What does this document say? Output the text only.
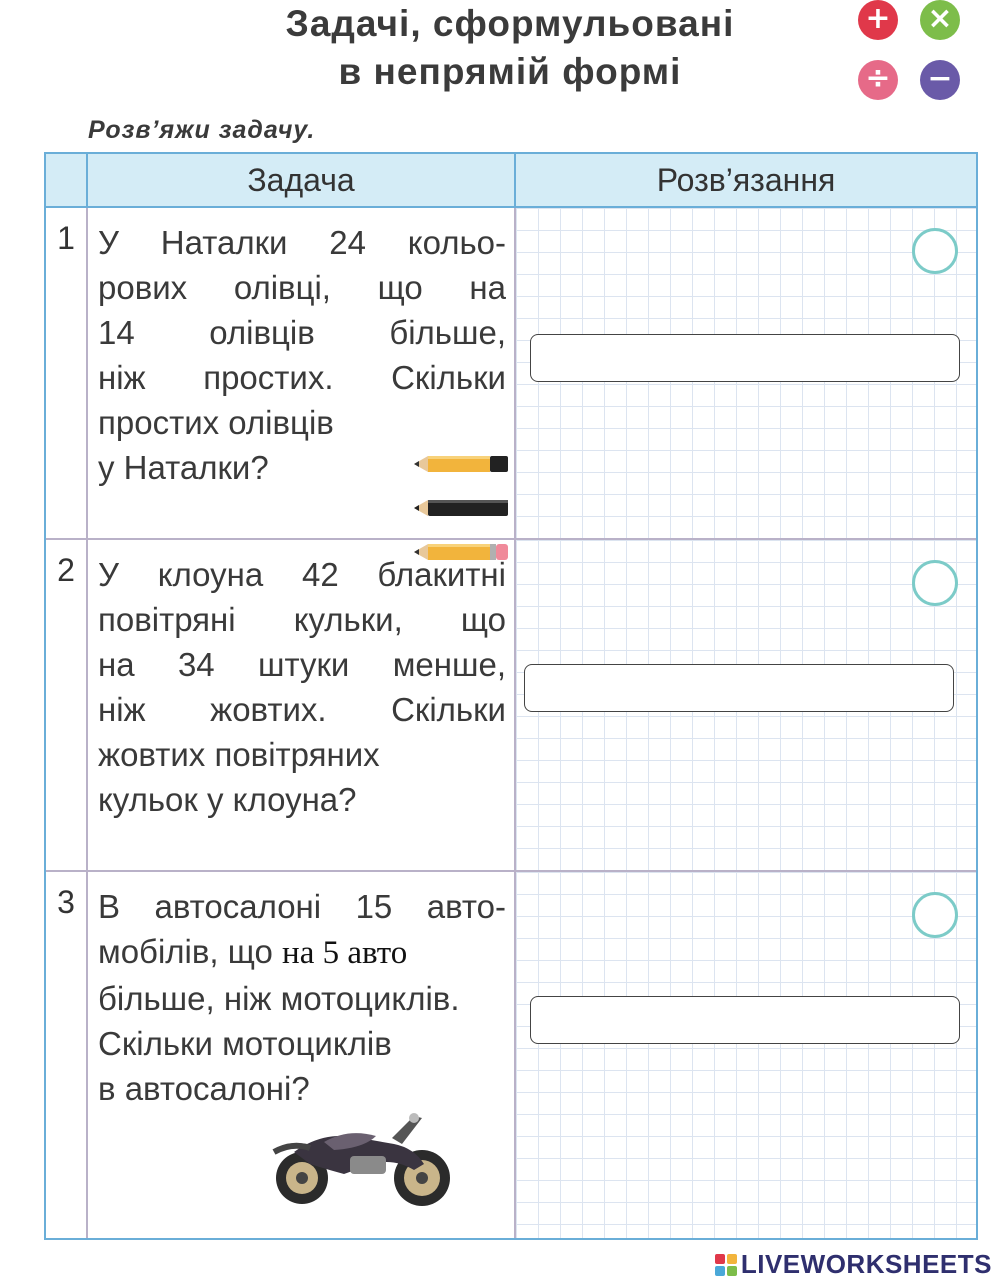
Задачі, сформульовані
в непрямій формі
+ ×
÷ −
Розв’яжи задачу.
Задача	Розв’язання
1 У Наталки 24 кольо-
рових олівці, що на
14 олівців більше,
ніж простих. Скільки
простих олівців
у Наталки?
2 У клоуна 42 блакитні
повітряні кульки, що
на 34 штуки менше,
ніж жовтих. Скільки
жовтих повітряних
кульок у клоуна?
3 В автосалоні 15 авто-
мобілів, що на 5 авто
більше, ніж мотоциклів.
Скільки мотоциклів
в автосалоні?
LIVEWORKSHEETS
